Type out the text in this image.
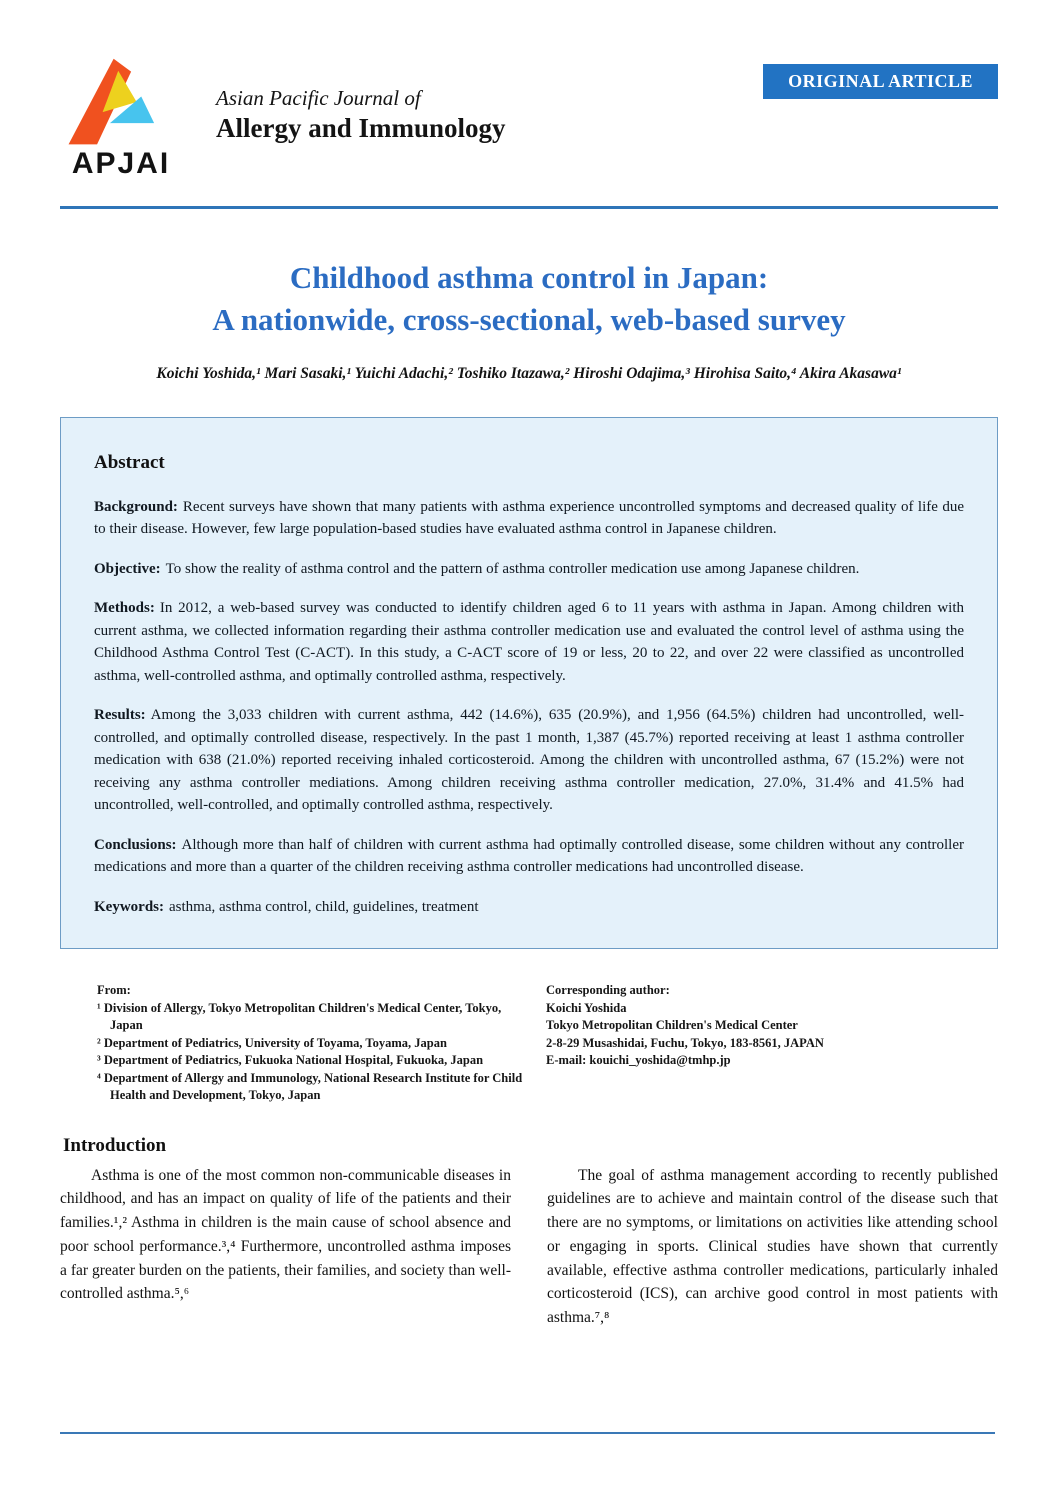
APJAI
Asian Pacific Journal of
Allergy and Immunology
ORIGINAL ARTICLE
Childhood asthma control in Japan:
A nationwide, cross-sectional, web-based survey
Koichi Yoshida,¹ Mari Sasaki,¹ Yuichi Adachi,² Toshiko Itazawa,² Hiroshi Odajima,³ Hirohisa Saito,⁴ Akira Akasawa¹
Abstract

Background: Recent surveys have shown that many patients with asthma experience uncontrolled symptoms and decreased quality of life due to their disease. However, few large population-based studies have evaluated asthma control in Japanese children.

Objective: To show the reality of asthma control and the pattern of asthma controller medication use among Japanese children.

Methods: In 2012, a web-based survey was conducted to identify children aged 6 to 11 years with asthma in Japan. Among children with current asthma, we collected information regarding their asthma controller medication use and evaluated the control level of asthma using the Childhood Asthma Control Test (C-ACT). In this study, a C-ACT score of 19 or less, 20 to 22, and over 22 were classified as uncontrolled asthma, well-controlled asthma, and optimally controlled asthma, respectively.

Results: Among the 3,033 children with current asthma, 442 (14.6%), 635 (20.9%), and 1,956 (64.5%) children had uncontrolled, well-controlled, and optimally controlled disease, respectively. In the past 1 month, 1,387 (45.7%) reported receiving at least 1 asthma controller medication with 638 (21.0%) reported receiving inhaled corticosteroid. Among the children with uncontrolled asthma, 67 (15.2%) were not receiving any asthma controller mediations. Among children receiving asthma controller medication, 27.0%, 31.4% and 41.5% had uncontrolled, well-controlled, and optimally controlled asthma, respectively.

Conclusions: Although more than half of children with current asthma had optimally controlled disease, some children without any controller medications and more than a quarter of the children receiving asthma controller medications had uncontrolled disease.

Keywords: asthma, asthma control, child, guidelines, treatment

From:
¹ Division of Allergy, Tokyo Metropolitan Children's Medical Center, Tokyo, Japan
² Department of Pediatrics, University of Toyama, Toyama, Japan
³ Department of Pediatrics, Fukuoka National Hospital, Fukuoka, Japan
⁴ Department of Allergy and Immunology, National Research Institute for Child Health and Development, Tokyo, Japan
Corresponding author:
Koichi Yoshida
Tokyo Metropolitan Children's Medical Center
2-8-29 Musashidai, Fuchu, Tokyo, 183-8561, JAPAN
E-mail: kouichi_yoshida@tmhp.jp
Introduction

Asthma is one of the most common non-communicable diseases in childhood, and has an impact on quality of life of the patients and their families.¹,² Asthma in children is the main cause of school absence and poor school performance.³,⁴ Furthermore, uncontrolled asthma imposes a far greater burden on the patients, their families, and society than well-controlled asthma.⁵,⁶

The goal of asthma management according to recently published guidelines are to achieve and maintain control of the disease such that there are no symptoms, or limitations on activities like attending school or engaging in sports. Clinical studies have shown that currently available, effective asthma controller medications, particularly inhaled corticosteroid (ICS), can archive good control in most patients with asthma.⁷,⁸
